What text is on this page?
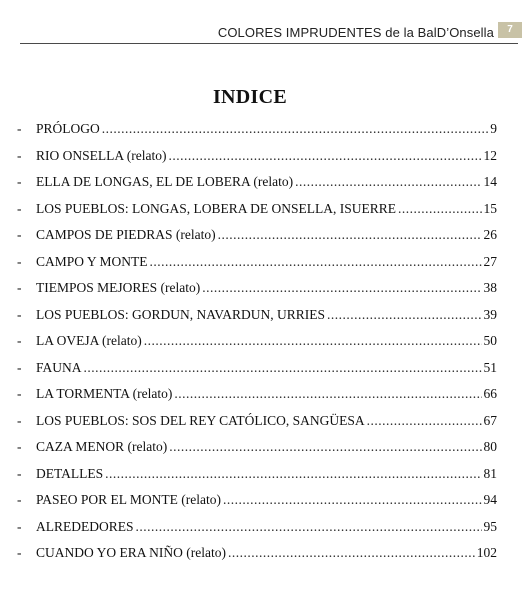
COLORES IMPRUDENTES de la BalD’Onsella	7
INDICE
-	PRÓLOGO .....	9
-	RIO ONSELLA (relato) .....	12
-	ELLA DE LONGAS, EL DE LOBERA (relato) .....	14
-	LOS PUEBLOS: LONGAS, LOBERA DE ONSELLA, ISUERRE .....	15
-	CAMPOS DE PIEDRAS (relato) .....	26
-	CAMPO Y MONTE .....	27
-	TIEMPOS MEJORES (relato) .....	38
-	LOS PUEBLOS: GORDUN, NAVARDUN, URRIES .....	39
-	LA OVEJA (relato) .....	50
-	FAUNA .....	51
-	LA TORMENTA (relato) .....	66
-	LOS PUEBLOS: SOS DEL REY CATÓLICO, SANGÜESA .....	67
-	CAZA MENOR (relato) .....	80
-	DETALLES .....	81
-	PASEO POR EL MONTE (relato) .....	94
-	ALREDEDORES .....	95
-	CUANDO YO ERA NIÑO (relato) .....	102
